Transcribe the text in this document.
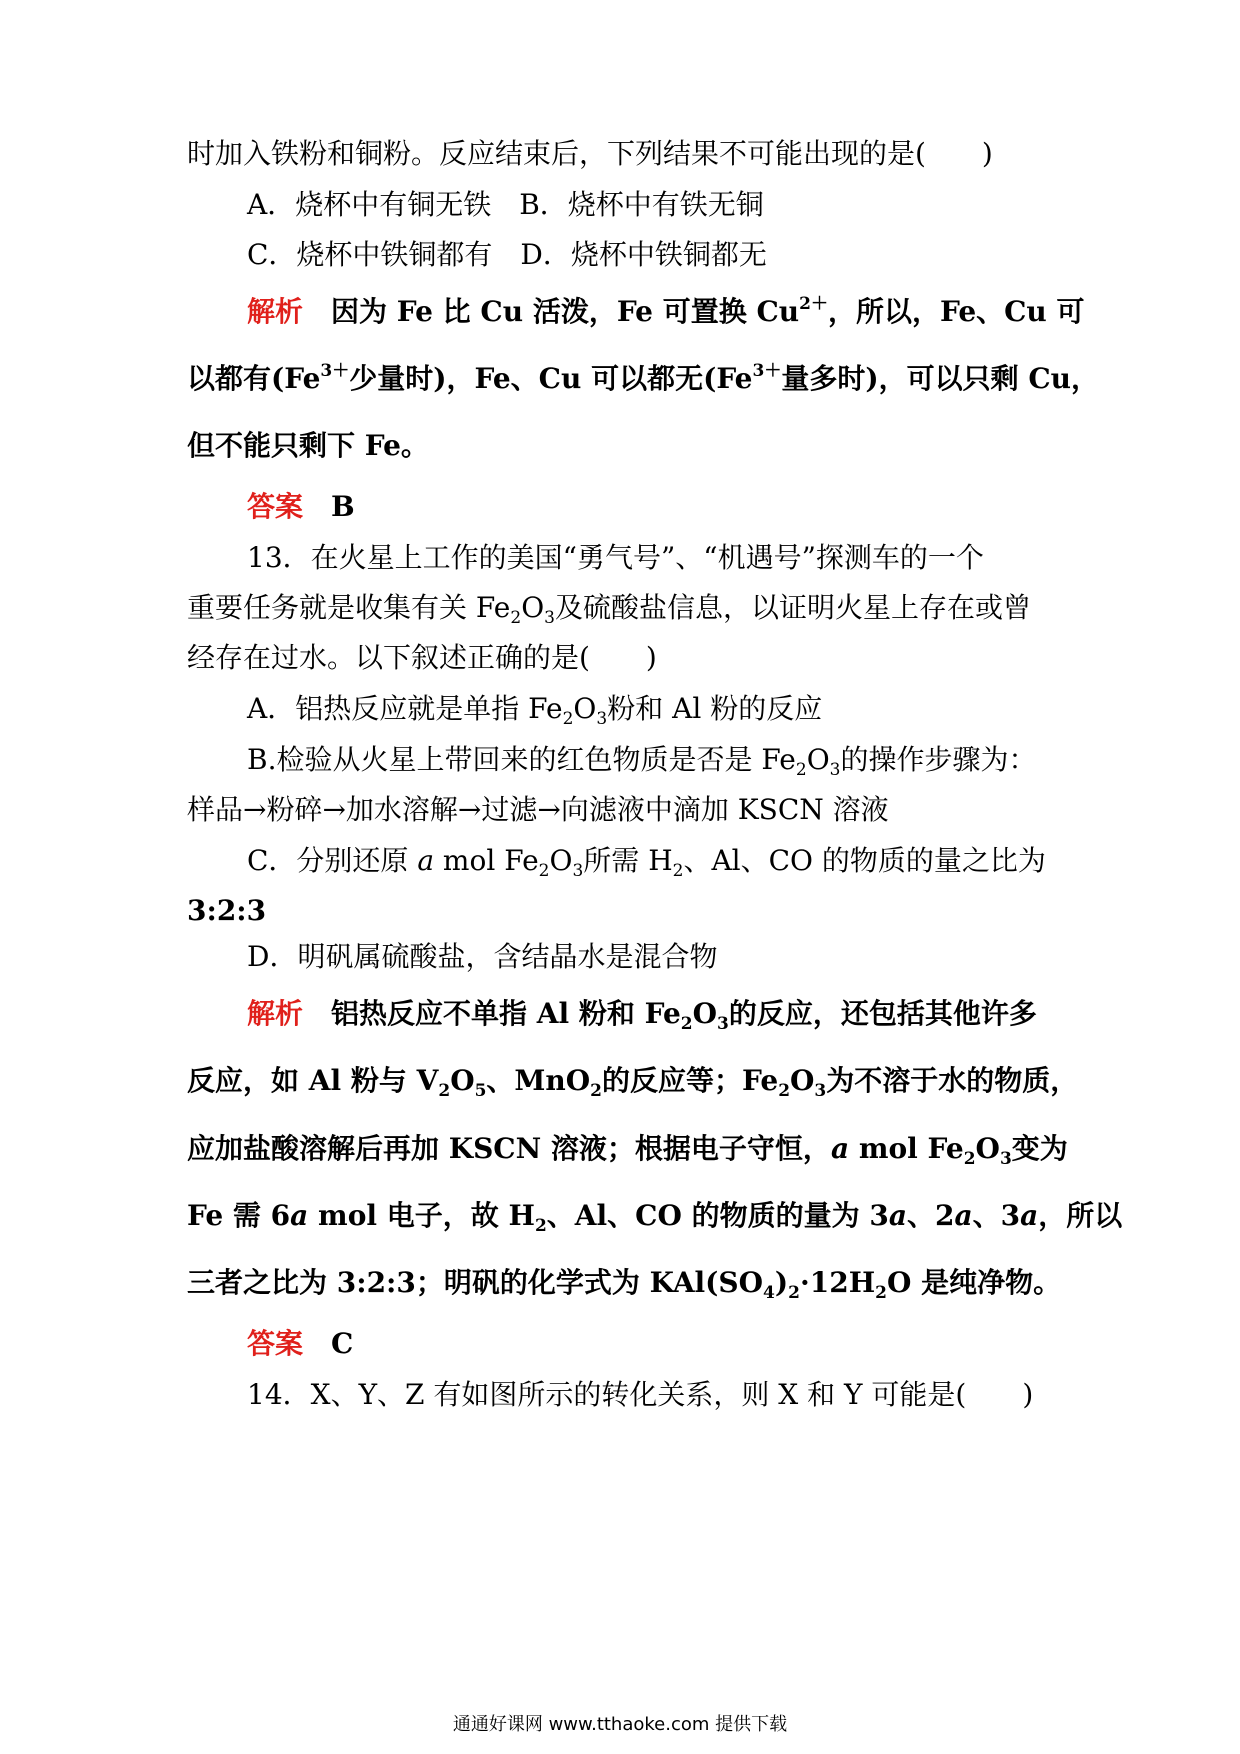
时加入铁粉和铜粉。反应结束后，下列结果不可能出现的是(　　)
A．烧杯中有铜无铁　B．烧杯中有铁无铜
C．烧杯中铁铜都有　D．烧杯中铁铜都无
解析 因为 Fe 比 Cu 活泼，Fe 可置换 $Cu^{2+}$，所以，Fe、Cu 可
以都有($Fe^{3+}$少量时)，Fe、Cu 可以都无($Fe^{3+}$量多时)，可以只剩 Cu，
但不能只剩下 Fe。
答案 B
13．在火星上工作的美国“勇气号”、“机遇号”探测车的一个
重要任务就是收集有关 $Fe_2O_3$及硫酸盐信息，以证明火星上存在或曾
经存在过水。以下叙述正确的是(　　)
A．铝热反应就是单指 $Fe_2O_3$粉和 Al 粉的反应
B.检验从火星上带回来的红色物质是否是 $Fe_2O_3$的操作步骤为：
样品→粉碎→加水溶解→过滤→向滤液中滴加 KSCN 溶液
C．分别还原 a mol $Fe_2O_3$所需 $H_2$、Al、CO 的物质的量之比为
3:2:3
D．明矾属硫酸盐，含结晶水是混合物
解析 铝热反应不单指 Al 粉和 $Fe_2O_3$的反应，还包括其他许多
反应，如 Al 粉与 $V_2O_5$、MnO$_2$的反应等；$Fe_2O_3$为不溶于水的物质，
应加盐酸溶解后再加 KSCN 溶液；根据电子守恒，a mol $Fe_2O_3$变为
Fe 需 6a mol 电子，故 $H_2$、Al、CO 的物质的量为 3a、2a、3a，所以
三者之比为 3:2:3；明矾的化学式为 $KAl(SO_4)_2\cdot 12H_2O$ 是纯净物。
答案 C
14．X、Y、Z 有如图所示的转化关系，则 X 和 Y 可能是(　　)
通通好课网 www.tthaoke.com 提供下载
